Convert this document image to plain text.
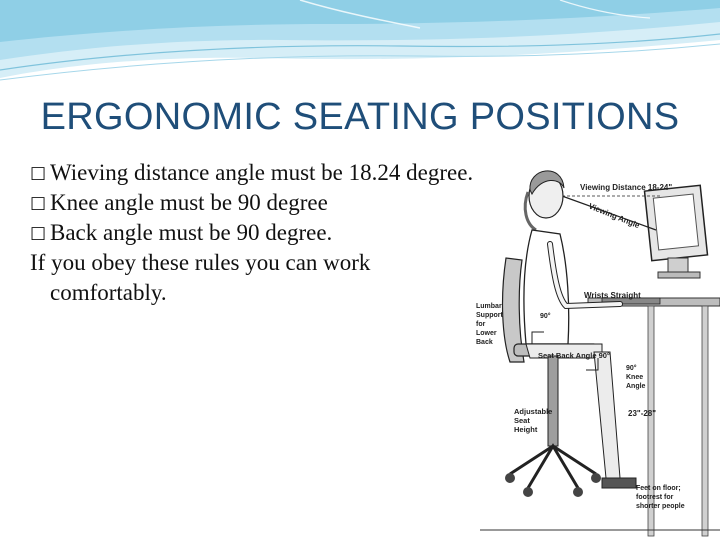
ERGONOMIC SEATING POSITIONS
□ Wieving distance angle must be 18.24 degree.
□ Knee angle must be 90 degree
□ Back angle must be 90 degree.
If you obey these rules you can work comfortably.
Viewing Distance 18-24"
Viewing Angle
Wrists Straight
Lumbar Support for Lower Back
90°
Seat Back Angle 90°
90° Knee Angle
23"-28"
Adjustable Seat Height
Feet on floor; footrest for shorter people
